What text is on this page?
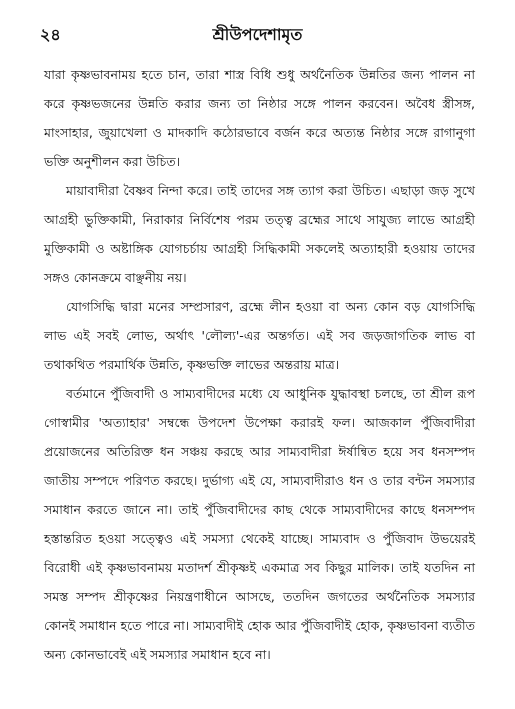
২৪	শ্রীউপদেশামৃত

যারা কৃষ্ণভাবনাময় হতে চান, তারা শাস্ত্র বিধি শুধু অর্থনৈতিক উন্নতির জন্য পালন না করে কৃষ্ণভজনের উন্নতি করার জন্য তা নিষ্ঠার সঙ্গে পালন করবেন। অবৈধ স্ত্রীসঙ্গ, মাংসাহার, জুয়াখেলা ও মাদকাদি কঠোরভাবে বর্জন করে অত্যন্ত নিষ্ঠার সঙ্গে রাগানুগা ভক্তি অনুশীলন করা উচিত।

মায়াবাদীরা বৈষ্ণব নিন্দা করে। তাই তাদের সঙ্গ ত্যাগ করা উচিত। এছাড়া জড় সুখে আগ্রহী ভুক্তিকামী, নিরাকার নির্বিশেষ পরম তত্ত্ব ব্রহ্মের সাথে সাযুজ্য লাভে আগ্রহী মুক্তিকামী ও অষ্টাঙ্গিক যোগচর্চায় আগ্রহী সিদ্ধিকামী সকলেই অত্যাহারী হওয়ায় তাদের সঙ্গও কোনক্রমে বাঞ্ছনীয় নয়।

যোগসিদ্ধি দ্বারা মনের সম্প্রসারণ, ব্রহ্মে লীন হওয়া বা অন্য কোন বড় যোগসিদ্ধি লাভ এই সবই লোভ, অর্থাৎ 'লৌল্য'-এর অন্তর্গত। এই সব জড়জাগতিক লাভ বা তথাকথিত পরমার্থিক উন্নতি, কৃষ্ণভক্তি লাভের অন্তরায় মাত্র।

বর্তমানে পুঁজিবাদী ও সাম্যবাদীদের মধ্যে যে আধুনিক যুদ্ধাবস্থা চলছে, তা শ্রীল রূপ গোস্বামীর 'অত্যাহার' সম্বন্ধে উপদেশ উপেক্ষা করারই ফল। আজকাল পুঁজিবাদীরা প্রয়োজনের অতিরিক্ত ধন সঞ্চয় করছে আর সাম্যবাদীরা ঈর্ষান্বিত হয়ে সব ধনসম্পদ জাতীয় সম্পদে পরিণত করছে। দুর্ভাগ্য এই যে, সাম্যবাদীরাও ধন ও তার বন্টন সমস্যার সমাধান করতে জানে না। তাই পুঁজিবাদীদের কাছ থেকে সাম্যবাদীদের কাছে ধনসম্পদ হস্তান্তরিত হওয়া সত্ত্বেও এই সমস্যা থেকেই যাচ্ছে। সাম্যবাদ ও পুঁজিবাদ উভয়েরই বিরোধী এই কৃষ্ণভাবনাময় মতাদর্শ শ্রীকৃষ্ণই একমাত্র সব কিছুর মালিক। তাই যতদিন না সমস্ত সম্পদ শ্রীকৃষ্ণের নিয়ন্ত্রণাধীনে আসছে, ততদিন জগতের অর্থনৈতিক সমস্যার কোনই সমাধান হতে পারে না। সাম্যবাদীই হোক আর পুঁজিবাদীই হোক, কৃষ্ণভাবনা ব্যতীত অন্য কোনভাবেই এই সমস্যার সমাধান হবে না।
